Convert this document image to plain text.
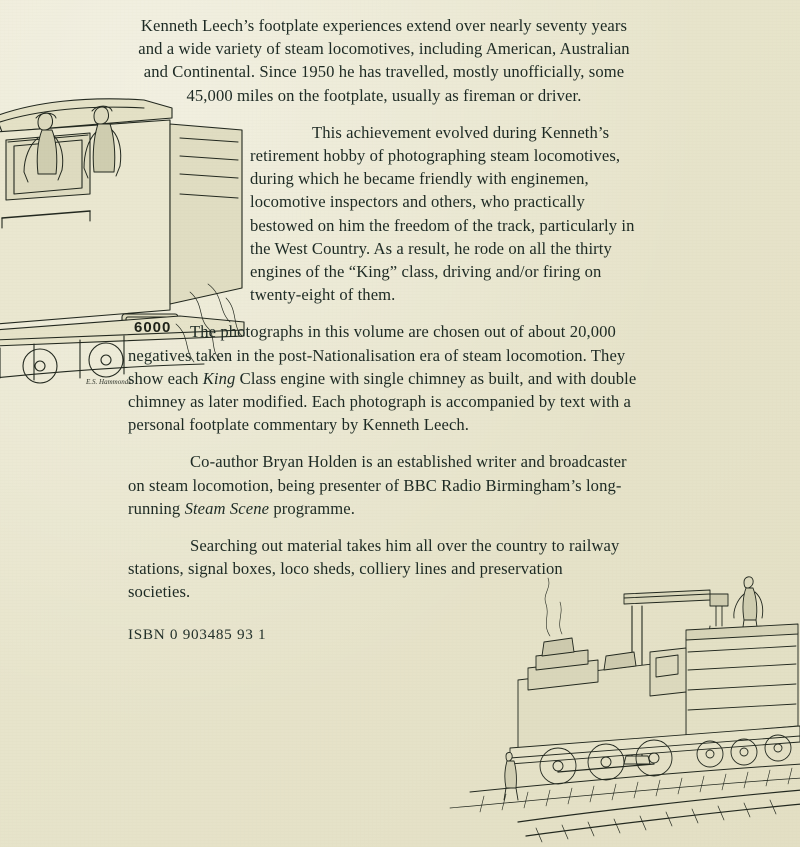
6000
E.S. Hammonds

Kenneth Leech’s footplate experiences extend over nearly seventy years and a wide variety of steam locomotives, including American, Australian and Continental. Since 1950 he has travelled, mostly unofficially, some 45,000 miles on the footplate, usually as fireman or driver.

This achievement evolved during Kenneth’s retirement hobby of photographing steam locomotives, during which he became friendly with enginemen, locomotive inspectors and others, who practically bestowed on him the freedom of the track, particularly in the West Country. As a result, he rode on all the thirty engines of the “King” class, driving and/or firing on twenty-eight of them.

The photographs in this volume are chosen out of about 20,000 negatives taken in the post-Nationalisation era of steam locomotion. They show each King Class engine with single chimney as built, and with double chimney as later modified. Each photograph is accompanied by text with a personal footplate commentary by Kenneth Leech.

Co-author Bryan Holden is an established writer and broadcaster on steam locomotion, being presenter of BBC Radio Birmingham’s long-running Steam Scene programme.

Searching out material takes him all over the country to railway stations, signal boxes, loco sheds, colliery lines and preservation societies.

ISBN 0 903485 93 1
